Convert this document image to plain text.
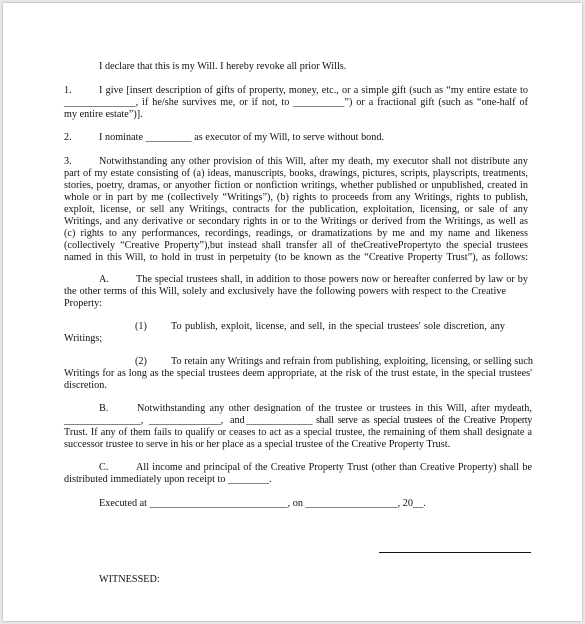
I declare that this is my Will. I hereby revoke all prior Wills.
1.	I give [insert description of gifts of property, money, etc., or a simple gift (such as “my entire estate to
______________, if he/she survives me, or if not, to __________”) or a fractional gift (such as “one-half of
my entire estate”)].
2.	I nominate _________ as executor of my Will, to serve without bond.
3.	Notwithstanding any other provision of this Will, after my death, my executor shall not distribute any
part of my estate consisting of (a) ideas, manuscripts, books, drawings, pictures, scripts, playscripts, treatments,
stories, poetry, dramas, or anyother fiction or nonfiction writings, whether published or unpublished, created in
whole or in part by me (collectively “Writings”), (b) rights to proceeds from any Writings, rights to publish,
exploit, license, or sell any Writings, contracts for the publication, exploitation, licensing, or sale of any
Writings, and any derivative or secondary rights in or to the Writings or derived from the Writings, as well as
(c) rights to any performances, recordings, readings, or dramatizations by me and my name and likeness
(collectively “Creative Property”),but instead shall transfer all of theCreativePropertyto the special trustees
named in this Will, to hold in trust in perpetuity (to be known as the “Creative Property Trust”), as follows:
A.	The special trustees shall, in addition to those powers now or hereafter conferred by law or by
the other terms of this Will, solely and exclusively have the following powers with respect to the Creative
Property:
(1) To publish, exploit, license, and sell, in the special trustees' sole discretion, any
Writings;
(2) To retain any Writings and refrain from publishing, exploiting, licensing, or selling such
Writings for as long as the special trustees deem appropriate, at the risk of the trust estate, in the special trustees'
discretion.
B.	Notwithstanding any other designation of the trustee or trustees in this Will, after mydeath,
_______________, ______________, and _____________ shall serve as special trustees of the Creative Property
Trust. If any of them fails to qualify or ceases to act as a special trustee, the remaining of them shall designate a
successor trustee to serve in his or her place as a special trustee of the Creative Property Trust.
C.	All income and principal of the Creative Property Trust (other than Creative Property) shall be
distributed immediately upon receipt to ________.
Executed at ___________________________, on __________________, 20__.
WITNESSED:
